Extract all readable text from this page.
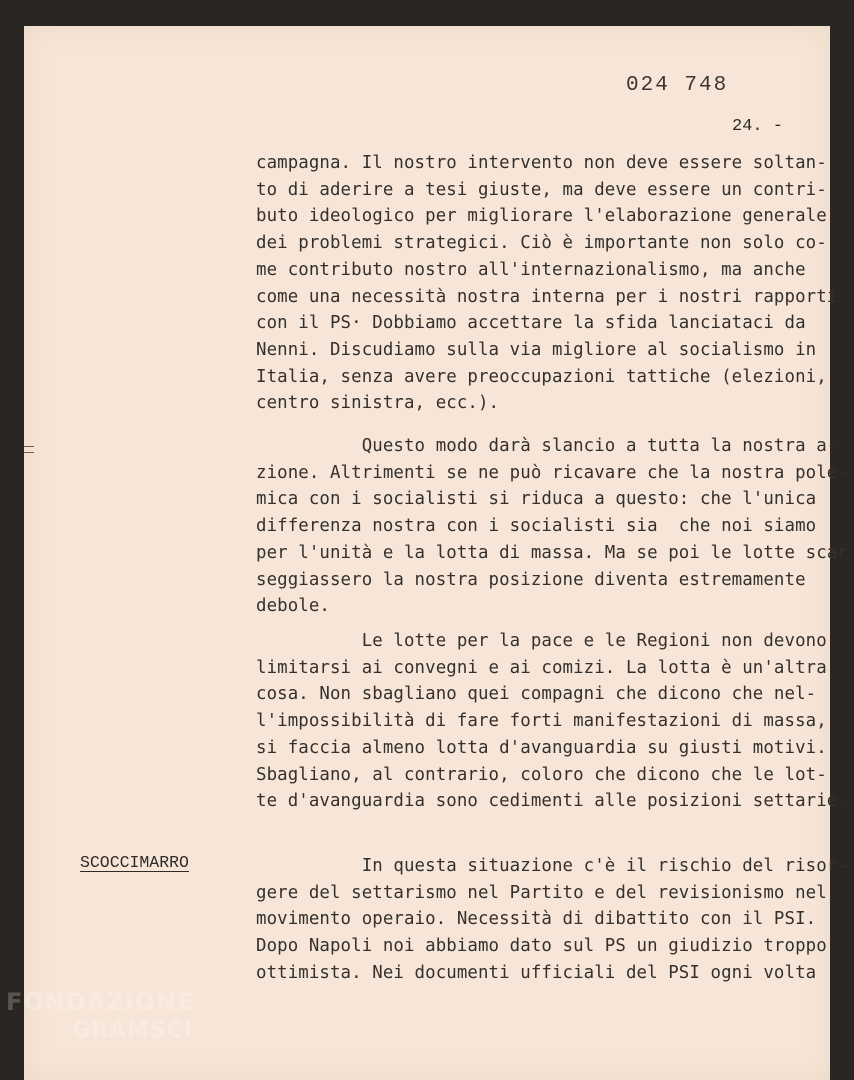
024 748
24. -
campagna. Il nostro intervento non deve essere soltan-
to di aderire a tesi giuste, ma deve essere un contri-
buto ideologico per migliorare l'elaborazione generale
dei problemi strategici. Ciò è importante non solo co-
me contributo nostro all'internazionalismo, ma anche
come una necessità nostra interna per i nostri rapporti
con il PS· Dobbiamo accettare la sfida lanciataci da
Nenni. Discudiamo sulla via migliore al socialismo in
Italia, senza avere preoccupazioni tattiche (elezioni,
centro sinistra, ecc.).
Questo modo darà slancio a tutta la nostra
zione. Altrimenti se ne può ricavare che la nostra
mica con i socialisti si riduca a questo: che l'unica
differenza nostra con i socialisti sia  che noi siamo
per l'unità e la lotta di massa. Ma se poi le lotte
seggiassero la nostra posizione diventa estremamente
debole.
Le lotte per la pace e le Regioni non devono
limitarsi ai convegni e ai comizi. La lotta è un'altra
cosa. Non sbagliano quei compagni che dicono che nel-
l'impossibilità di fare forti manifestazioni di massa,
si faccia almeno lotta d'avanguardia su giusti motivi.
Sbagliano, al contrario, coloro che dicono che le lot-
te d'avanguardia sono cedimenti alle posizioni settarie.
SCOCCIMARRO	In questa situazione c'è il rischio del
gere del settarismo nel Partito e del revisionismo nel
movimento operaio. Necessità di dibattito con il PSI.
Dopo Napoli noi abbiamo dato sul PS un giudizio troppo
ottimista. Nei documenti ufficiali del PSI ogni volta
FONDAZIONE
GRAMSCI
